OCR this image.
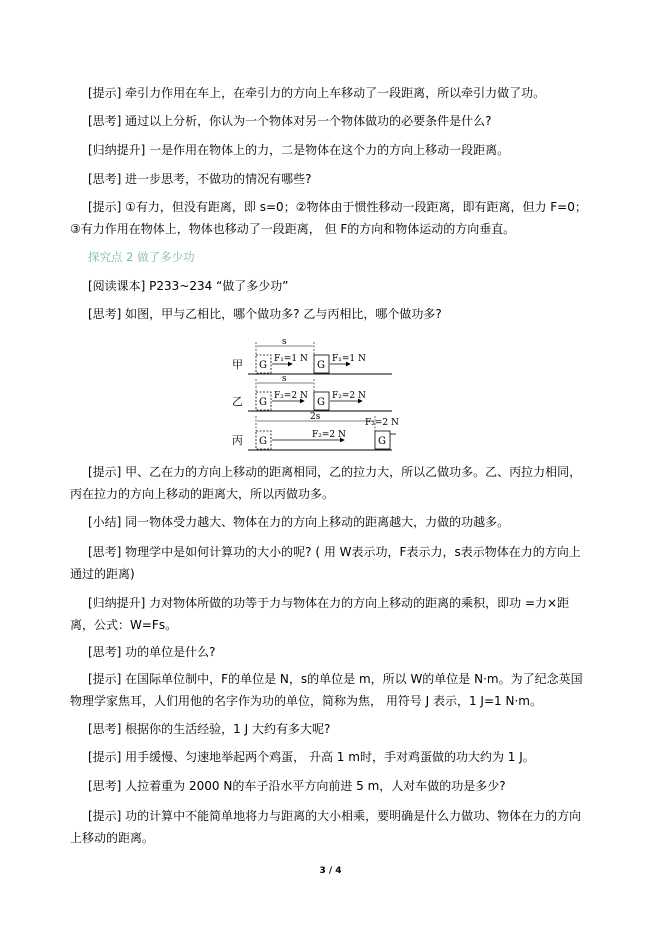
[提示] 牵引力作用在车上，在牵引力的方向上车移动了一段距离，所以牵引力做了功。
[思考] 通过以上分析，你认为一个物体对另一个物体做功的必要条件是什么?
[归纳提升] 一是作用在物体上的力，二是物体在这个力的方向上移动一段距离。
[思考] 进一步思考，不做功的情况有哪些?
[提示] ①有力，但没有距离，即 s=0；②物体由于惯性移动一段距离，即有距离，但力 F=0；③有力作用在物体上，物体也移动了一段距离， 但 F的方向和物体运动的方向垂直。
探究点 2 做了多少功
[阅读课本] P233~234 “做了多少功”
[思考] 如图，甲与乙相比，哪个做功多? 乙与丙相比，哪个做功多?
甲 G
F₁=1 N
G
F₁=1 N
s
乙 G
F₂=2 N
G
F₂=2 N
s
丙 G
F₂=2 N
G
F₂=2 N
2s
[提示] 甲、乙在力的方向上移动的距离相同，乙的拉力大，所以乙做功多。乙、丙拉力相同，丙在拉力的方向上移动的距离大，所以丙做功多。
[小结] 同一物体受力越大、物体在力的方向上移动的距离越大，力做的功越多。
[思考] 物理学中是如何计算功的大小的呢? ( 用 W表示功，F表示力，s表示物体在力的方向上通过的距离)
[归纳提升] 力对物体所做的功等于力与物体在力的方向上移动的距离的乘积，即功 =力×距离，公式：W=Fs。
[思考] 功的单位是什么?
[提示] 在国际单位制中，F的单位是 N，s的单位是 m，所以 W的单位是 N·m。为了纪念英国物理学家焦耳，人们用他的名字作为功的单位，简称为焦， 用符号 J 表示，1 J=1 N·m。
[思考] 根据你的生活经验，1 J 大约有多大呢?
[提示] 用手缓慢、匀速地举起两个鸡蛋， 升高 1 m时，手对鸡蛋做的功大约为 1 J。
[思考] 人拉着重为 2000 N的车子沿水平方向前进 5 m，人对车做的功是多少?
[提示] 功的计算中不能简单地将力与距离的大小相乘，要明确是什么力做功、物体在力的方向上移动的距离。
3 / 4
